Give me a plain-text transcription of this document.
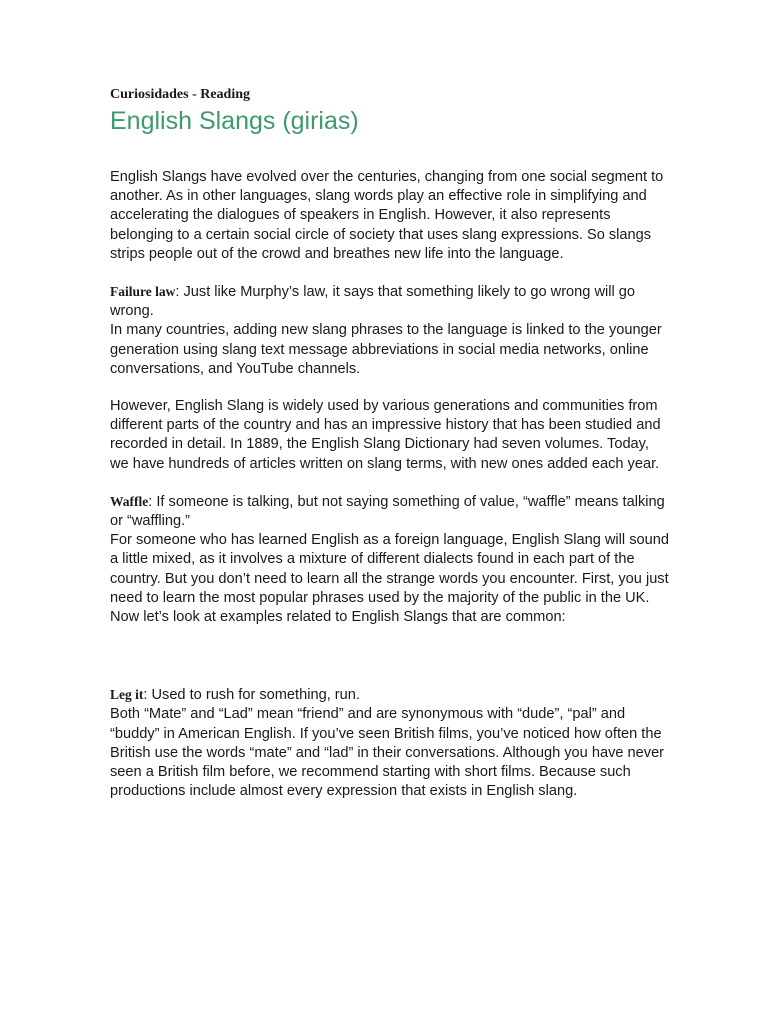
Curiosidades - Reading

English Slangs (girias)

English Slangs have evolved over the centuries, changing from one social segment to another. As in other languages, slang words play an effective role in simplifying and accelerating the dialogues of speakers in English. However, it also represents belonging to a certain social circle of society that uses slang expressions. So slangs strips people out of the crowd and breathes new life into the language.

Failure law: Just like Murphy’s law, it says that something likely to go wrong will go wrong.

In many countries, adding new slang phrases to the language is linked to the younger generation using slang text message abbreviations in social media networks, online conversations, and YouTube channels.

However, English Slang is widely used by various generations and communities from different parts of the country and has an impressive history that has been studied and recorded in detail. In 1889, the English Slang Dictionary had seven volumes. Today, we have hundreds of articles written on slang terms, with new ones added each year.

Waffle: If someone is talking, but not saying something of value, “waffle” means talking or “waffling.”

For someone who has learned English as a foreign language, English Slang will sound a little mixed, as it involves a mixture of different dialects found in each part of the country. But you don’t need to learn all the strange words you encounter. First, you just need to learn the most popular phrases used by the majority of the public in the UK. Now let’s look at examples related to English Slangs that are common:

Leg it: Used to rush for something, run.

Both “Mate” and “Lad” mean “friend” and are synonymous with “dude”, “pal” and “buddy” in American English. If you’ve seen British films, you’ve noticed how often the British use the words “mate” and “lad” in their conversations. Although you have never seen a British film before, we recommend starting with short films. Because such productions include almost every expression that exists in English slang.
